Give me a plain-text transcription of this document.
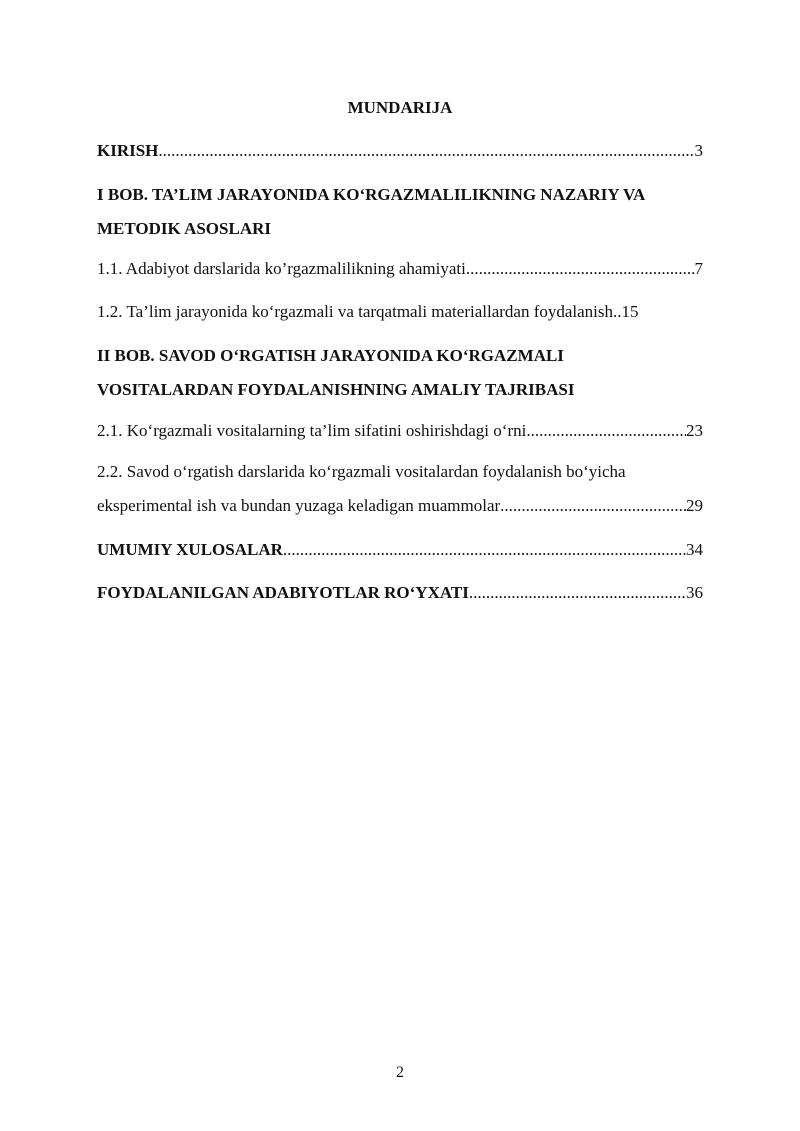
MUNDARIJA
KIRISH .....	3
I BOB. TA’LIM JARAYONIDA KO‘RGAZMALILIKNING NAZARIY VA
METODIK ASOSLARI
1.1. Adabiyot darslarida ko’rgazmalilikning ahamiyati .....	7
1.2. Ta’lim jarayonida ko‘rgazmali va tarqatmali materiallardan foydalanish..15
II BOB. SAVOD O‘RGATISH JARAYONIDA KO‘RGAZMALI
VOSITALARDAN FOYDALANISHNING AMALIY TAJRIBASI
2.1. Ko‘rgazmali vositalarning ta’lim sifatini oshirishdagi o‘rni .....	23
2.2. Savod o‘rgatish darslarida ko‘rgazmali vositalardan foydalanish bo‘yicha
eksperimental ish va bundan yuzaga keladigan muammolar .....	29
UMUMIY XULOSALAR .....	34
FOYDALANILGAN ADABIYOTLAR RO‘YXATI .....	36
2
